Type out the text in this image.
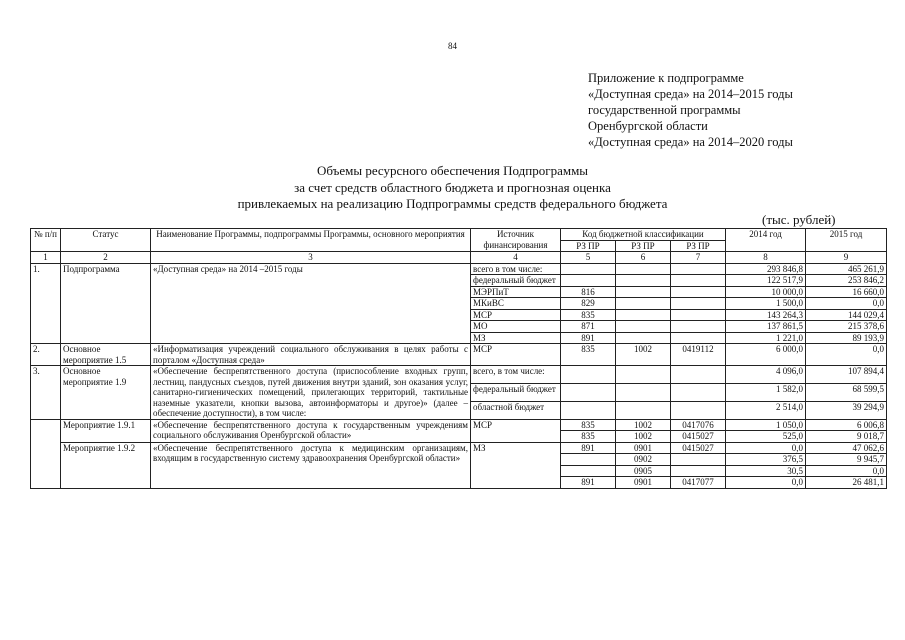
84
Приложение к подпрограмме
«Доступная среда» на 2014–2015 годы
государственной программы
Оренбургской области
«Доступная среда» на 2014–2020 годы
Объемы ресурсного обеспечения Подпрограммы
за счет средств областного бюджета и прогнозная оценка
привлекаемых на реализацию Подпрограммы средств федерального бюджета
(тыс. рублей)
№ п/п	Статус	Наименование Программы, подпрограммы Программы, основного мероприятия	Источник финансирования	Код бюджетной классификации			2014 год	2015 год
				РЗ ПР	РЗ ПР	РЗ ПР		
1	2	3	4	5	6	7	8	9
1.	Подпрограмма	«Доступная среда» на 2014 –2015 годы	всего в том числе:				293 846,8	465 261,9
			федеральный бюджет				122 517,9	253 846,2
			МЭРПиТ	816			10 000,0	16 660,0
			МКиВС	829			1 500,0	0,0
			МСР	835			143 264,3	144 029,4
			МО	871			137 861,5	215 378,6
			МЗ	891			1 221,0	89 193,9
2.	Основное мероприятие 1.5	«Информатизация учреждений социального обслуживания в целях работы с порталом «Доступная среда»	МСР	835	1002	0419112	6 000,0	0,0
3.	Основное мероприятие 1.9	«Обеспечение беспрепятственного доступа (приспособление входных групп, лестниц, пандусных съездов, путей движения внутри зданий, зон оказания услуг, санитарно-гигиенических помещений, прилегающих территорий, тактильные наземные указатели, кнопки вызова, автоинформаторы и другое)» (далее – обеспечение доступности), в том числе:	всего, в том числе:				4 096,0	107 894,4
			федеральный бюджет				1 582,0	68 599,5
			областной бюджет				2 514,0	39 294,9
	Мероприятие 1.9.1	«Обеспечение беспрепятственного доступа к государственным учреждениям социального обслуживания Оренбургской области»	МСР	835	1002	0417076	1 050,0	6 006,8
				835	1002	0415027	525,0	9 018,7
	Мероприятие 1.9.2	«Обеспечение беспрепятственного доступа к медицинским организациям, входящим в государственную систему здравоохранения Оренбургской области»	МЗ	891	0901	0415027	0,0	47 062,6
					0902		376,5	9 945,7
					0905		30,5	0,0
				891	0901	0417077	0,0	26 481,1
